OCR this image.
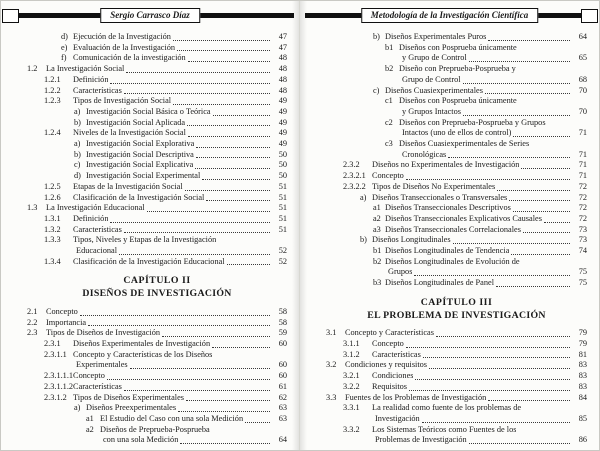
Sergio Carrasco Díaz
d) Ejecución de la Investigación	47
e) Evaluación de la Investigación	47
f) Comunicación de la investigación	48
1.2	La Investigación Social	48
1.2.1	Definición	48
1.2.2	Características	48
1.2.3	Tipos de Investigación Social	49
a) Investigación Social Básica o Teórica	49
b) Investigación Social Aplicada	49
1.2.4	Niveles de la Investigación Social	49
a) Investigación Social Explorativa	49
b) Investigación Social Descriptiva	50
c) Investigación Social Explicativa	50
d) Investigación Social Experimental	50
1.2.5	Etapas de la Investigación Social	51
1.2.6	Clasificación de la Investigación Social	51
1.3	La Investigación Educacional	51
1.3.1	Definición	51
1.3.2	Características	51
1.3.3	Tipos, Niveles y Etapas de la Investigación
Educacional	52
1.3.4	Clasificación de la Investigación Educacional	52
CAPÍTULO II
DISEÑOS DE INVESTIGACIÓN
2.1	Concepto	58
2.2	Importancia	58
2.3	Tipos de Diseños de Investigación	59
2.3.1	Diseños Experimentales de Investigación	60
2.3.1.1 Concepto y Características de los Diseños
Experimentales	60
2.3.1.1.1 Concepto	60
2.3.1.1.2 Características	61
2.3.1.2 Tipos de Diseños Experimentales	62
a) Diseños Preexperimentales	63
a1 El Estudio del Caso con una sola Medición	63
a2 Diseños de Preprueba-Posprueba
con una sola Medición	64
Metodología de la Investigación Científica
b) Diseños Experimentales Puros	64
b1 Diseños con Posprueba únicamente
y Grupo de Control	65
b2 Diseño con Preprueba-Posprueba y
Grupo de Control	68
c) Diseños Cuasiexperimentales	70
c1 Diseños con Posprueba únicamente
y Grupos Intactos	70
c2 Diseños con Preprueba-Posprueba y Grupos
Intactos (uno de ellos de control)	71
c3 Diseños Cuasiexperimentales de Series
Cronológicas	71
2.3.2	Diseños no Experimentales de Investigación	71
2.3.2.1 Concepto	71
2.3.2.2 Tipos de Diseños No Experimentales	72
a) Diseños Transeccionales o Transversales	72
a1 Diseños Transeccionales Descriptivos	72
a2 Diseños Transeccionales Explicativos Causales	72
a3 Diseños Transeccionales Correlacionales	73
b) Diseños Longitudinales	73
b1 Diseños Longitudinales de Tendencia	74
b2 Diseños Longitudinales de Evolución de
Grupos	75
b3 Diseños Longitudinales de Panel	75
CAPÍTULO III
EL PROBLEMA DE INVESTIGACIÓN
3.1	Concepto y Características	79
3.1.1	Concepto	79
3.1.2	Características	81
3.2	Condiciones y requisitos	83
3.2.1	Condiciones	83
3.2.2	Requisitos	83
3.3	Fuentes de los Problemas de Investigación	84
3.3.1	La realidad como fuente de los problemas de
Investigación	85
3.3.2	Los Sistemas Teóricos como Fuentes de los
Problemas de Investigación	86
